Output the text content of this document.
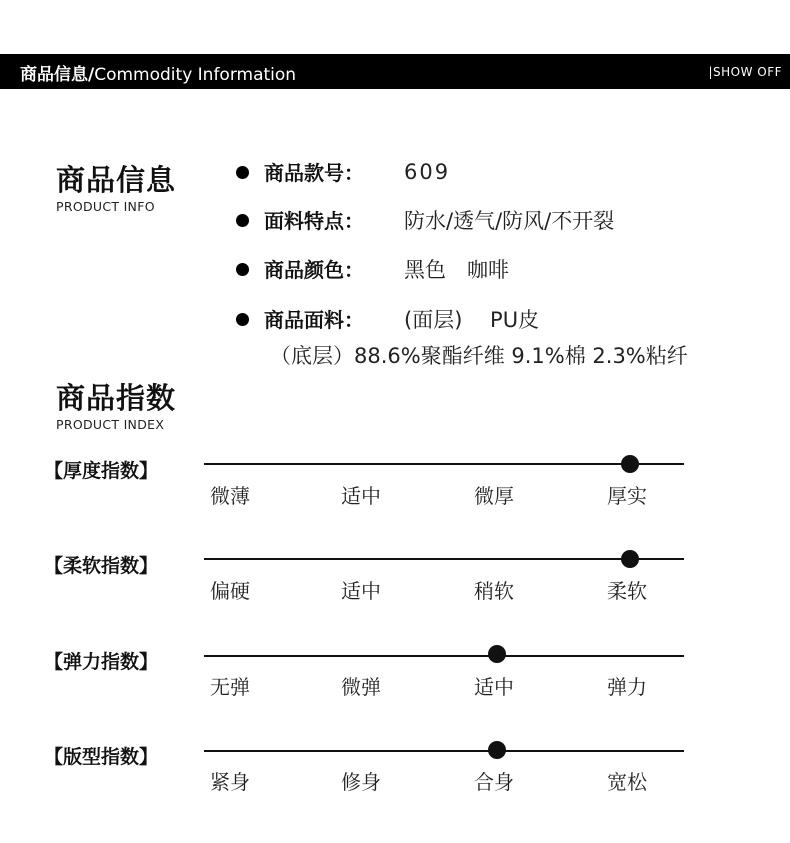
商品信息/Commodity Information	|SHOW OFF
商品信息
PRODUCT INFO
商品款号： 609
面料特点： 防水/透气/防风/不开裂
商品颜色： 黑色　咖啡
商品面料： (面层)　 PU皮
（底层）88.6%聚酯纤维 9.1%棉 2.3%粘纤
商品指数
PRODUCT INDEX
【厚度指数】
微薄	适中	微厚	厚实
【柔软指数】
偏硬	适中	稍软	柔软
【弹力指数】
无弹	微弹	适中	弹力
【版型指数】
紧身	修身	合身	宽松
